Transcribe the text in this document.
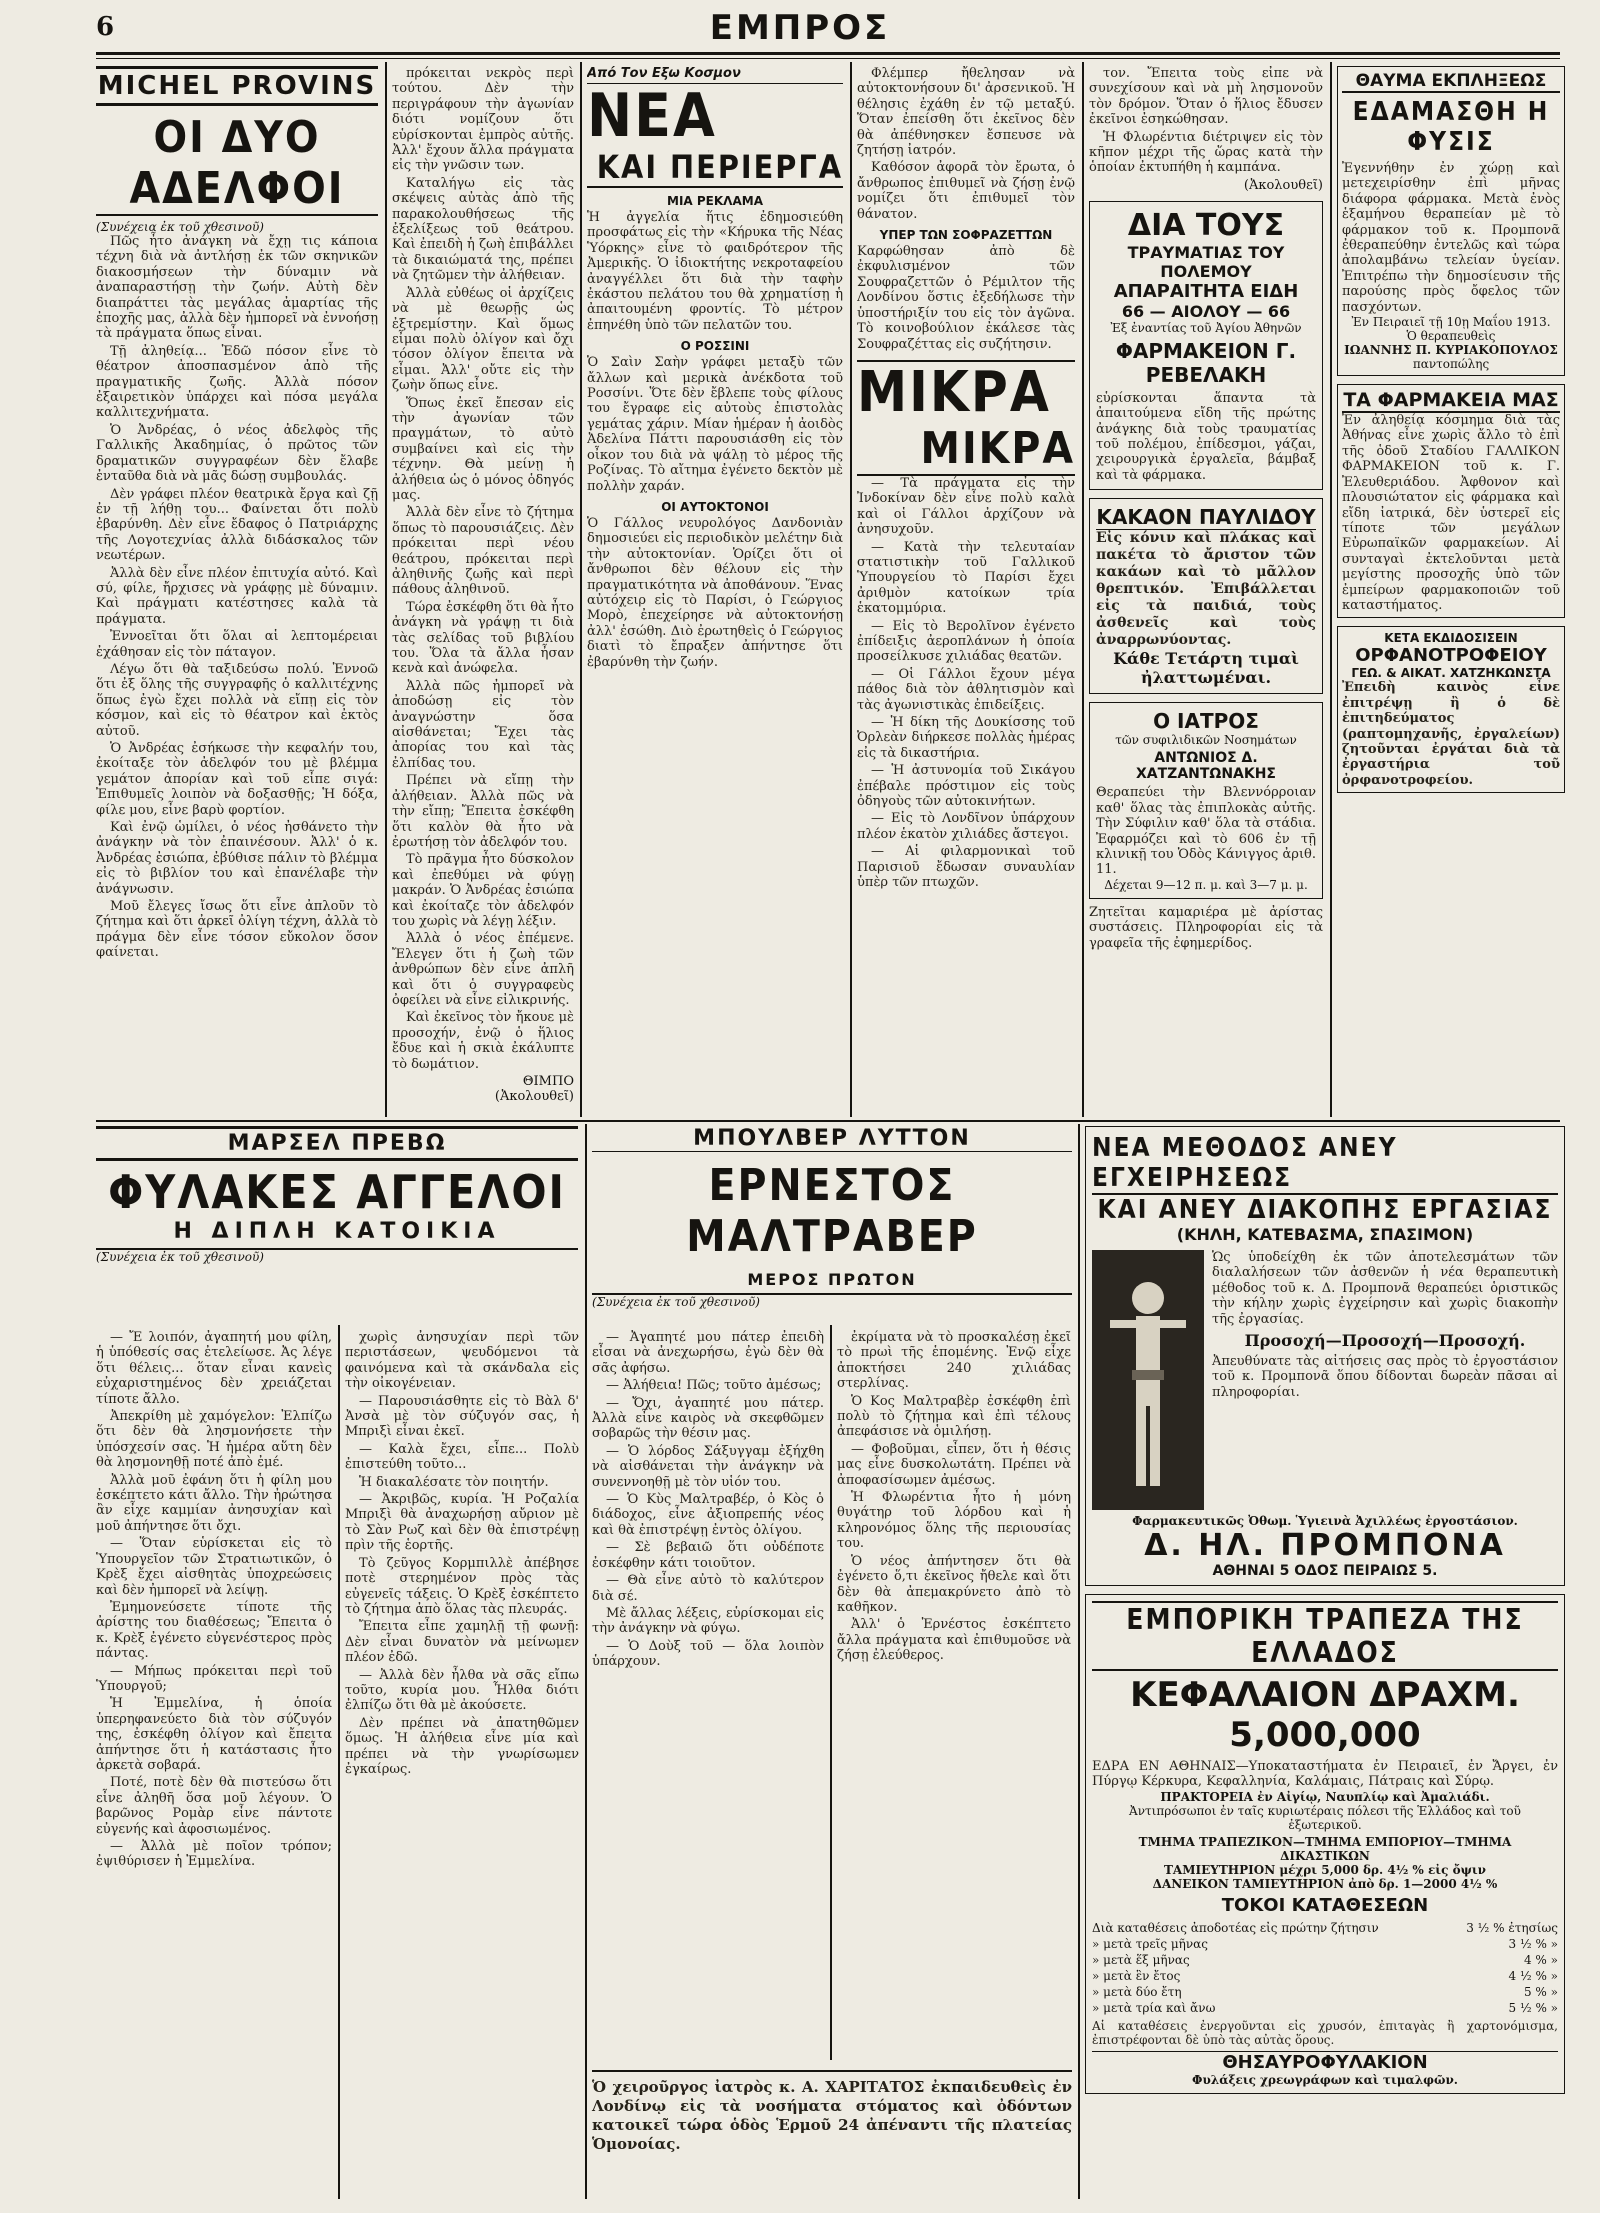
6	ΕΜΠΡΟΣ
MICHEL PROVINS
ΟΙ ΔΥΟ ΑΔΕΛΦΟΙ
(Συνέχεια ἐκ τοῦ χθεσινοῦ)

Πῶς ἦτο ἀνάγκη νὰ ἔχῃ τις κάποια τέχνη διὰ νὰ ἀντλήσῃ ἐκ τῶν σκηνικῶν διακοσμήσεων τὴν δύναμιν νὰ ἀναπαραστήσῃ τὴν ζωήν. Αὐτὴ δὲν διαπράττει τὰς μεγάλας ἀμαρτίας τῆς ἐποχῆς μας, ἀλλὰ δὲν ἠμπορεῖ νὰ ἐννοήσῃ τὰ πράγματα ὅπως εἶναι.

Τῇ ἀληθείᾳ... Ἐδῶ πόσον εἶνε τὸ θέατρον ἀποσπασμένον ἀπὸ τῆς πραγματικῆς ζωῆς. Ἀλλὰ πόσον ἐξαιρετικὸν ὑπάρχει καὶ πόσα μεγάλα καλλιτεχνήματα.

Ὁ Ἀνδρέας, ὁ νέος ἀδελφὸς τῆς Γαλλικῆς Ἀκαδημίας, ὁ πρῶτος τῶν δραματικῶν συγγραφέων δὲν ἔλαβε ἐνταῦθα διὰ νὰ μᾶς δώσῃ συμβουλάς.

Δὲν γράφει πλέον θεατρικὰ ἔργα καὶ ζῇ ἐν τῇ λήθῃ του... Φαίνεται ὅτι πολὺ ἐβαρύνθη. Δὲν εἶνε ἔδαφος ὁ Πατριάρχης τῆς Λογοτεχνίας ἀλλὰ διδάσκαλος τῶν νεωτέρων.

Ἀλλὰ δὲν εἶνε πλέον ἐπιτυχία αὐτό. Καὶ σύ, φίλε, ἤρχισες νὰ γράφῃς μὲ δύναμιν. Καὶ πράγματι κατέστησες καλὰ τὰ πράγματα.

Ἐννοεῖται ὅτι ὅλαι αἱ λεπτομέρειαι ἐχάθησαν εἰς τὸν πάταγον.

Λέγω ὅτι θὰ ταξιδεύσω πολύ. Ἐννοῶ ὅτι ἐξ ὅλης τῆς συγγραφῆς ὁ καλλιτέχνης ὅπως ἐγὼ ἔχει πολλὰ νὰ εἴπῃ εἰς τὸν κόσμον, καὶ εἰς τὸ θέατρον καὶ ἐκτὸς αὐτοῦ.

Ὁ Ἀνδρέας ἐσήκωσε τὴν κεφαλήν του, ἐκοίταξε τὸν ἀδελφόν του μὲ βλέμμα γεμάτον ἀπορίαν καὶ τοῦ εἶπε σιγά: Ἐπιθυμεῖς λοιπὸν νὰ δοξασθῇς; Ἡ δόξα, φίλε μου, εἶνε βαρὺ φορτίον.

Καὶ ἐνῷ ὡμίλει, ὁ νέος ἠσθάνετο τὴν ἀνάγκην νὰ τὸν ἐπαινέσουν. Ἀλλ' ὁ κ. Ἀνδρέας ἐσιώπα, ἐβύθισε πάλιν τὸ βλέμμα εἰς τὸ βιβλίον του καὶ ἐπανέλαβε τὴν ἀνάγνωσιν.

Μοῦ ἔλεγες ἴσως ὅτι εἶνε ἀπλοῦν τὸ ζήτημα καὶ ὅτι ἀρκεῖ ὀλίγη τέχνη, ἀλλὰ τὸ πράγμα δὲν εἶνε τόσον εὔκολον ὅσον φαίνεται.

πρόκειται νεκρὸς περὶ τούτου. Δὲν τὴν περιγράφουν τὴν ἀγωνίαν διότι νομίζουν ὅτι εὑρίσκονται ἐμπρὸς αὐτῆς. Ἀλλ' ἔχουν ἄλλα πράγματα εἰς τὴν γνῶσιν των.

Καταλήγω εἰς τὰς σκέψεις αὐτὰς ἀπὸ τῆς παρακολουθήσεως τῆς ἐξελίξεως τοῦ θεάτρου. Καὶ ἐπειδὴ ἡ ζωὴ ἐπιβάλλει τὰ δικαιώματά της, πρέπει νὰ ζητῶμεν τὴν ἀλήθειαν.

Ἀλλὰ εὐθέως οἱ ἀρχίζεις νὰ μὲ θεωρῇς ὡς ἐξτρεμίστην. Καὶ ὅμως εἶμαι πολὺ ὀλίγον καὶ ὄχι τόσον ὀλίγον ἔπειτα νὰ εἶμαι. Ἀλλ' οὔτε εἰς τὴν ζωὴν ὅπως εἶνε.

Ὅπως ἐκεῖ ἔπεσαν εἰς τὴν ἀγωνίαν τῶν πραγμάτων, τὸ αὐτὸ συμβαίνει καὶ εἰς τὴν τέχνην. Θὰ μείνῃ ἡ ἀλήθεια ὡς ὁ μόνος ὁδηγός μας.

Ἀλλὰ δὲν εἶνε τὸ ζήτημα ὅπως τὸ παρουσιάζεις. Δὲν πρόκειται περὶ νέου θεάτρου, πρόκειται περὶ ἀληθινῆς ζωῆς καὶ περὶ πάθους ἀληθινοῦ.

Τώρα ἐσκέφθη ὅτι θὰ ἦτο ἀνάγκη νὰ γράψῃ τι διὰ τὰς σελίδας τοῦ βιβλίου του. Ὅλα τὰ ἄλλα ἦσαν κενὰ καὶ ἀνώφελα.

Ἀλλὰ πῶς ἠμπορεῖ νὰ ἀποδώσῃ εἰς τὸν ἀναγνώστην ὅσα αἰσθάνεται; Ἔχει τὰς ἀπορίας του καὶ τὰς ἐλπίδας του.

Πρέπει νὰ εἴπῃ τὴν ἀλήθειαν. Ἀλλὰ πῶς νὰ τὴν εἴπῃ; Ἔπειτα ἐσκέφθη ὅτι καλὸν θὰ ἦτο νὰ ἐρωτήσῃ τὸν ἀδελφόν του.

Τὸ πρᾶγμα ἦτο δύσκολον καὶ ἐπεθύμει νὰ φύγῃ μακράν. Ὁ Ἀνδρέας ἐσιώπα καὶ ἐκοίταζε τὸν ἀδελφόν του χωρὶς νὰ λέγῃ λέξιν.

Ἀλλὰ ὁ νέος ἐπέμενε. Ἔλεγεν ὅτι ἡ ζωὴ τῶν ἀνθρώπων δὲν εἶνε ἀπλῆ καὶ ὅτι ὁ συγγραφεὺς ὀφείλει νὰ εἶνε εἰλικρινής.

Καὶ ἐκεῖνος τὸν ἤκουε μὲ προσοχήν, ἐνῷ ὁ ἥλιος ἔδυε καὶ ἡ σκιὰ ἐκάλυπτε τὸ δωμάτιον.

ΘΙΜΠΟ
(Ἀκολουθεῖ)
Από Τον Εξω Κοσμον
ΝΕΑ
ΚΑΙ ΠΕΡΙΕΡΓΑ
ΜΙΑ ΡΕΚΛΑΜΑ
Ἡ ἀγγελία ἥτις ἐδημοσιεύθη προσφάτως εἰς τὴν «Κήρυκα τῆς Νέας Ὑόρκης» εἶνε τὸ φαιδρότερον τῆς Ἀμερικῆς. Ὁ ἰδιοκτήτης νεκροταφείου ἀναγγέλλει ὅτι διὰ τὴν ταφὴν ἐκάστου πελάτου του θὰ χρηματίσῃ ἡ ἀπαιτουμένη φροντίς. Τὸ μέτρον ἐπηνέθη ὑπὸ τῶν πελατῶν του.
Ο ΡΟΣΣΙΝΙ
Ὁ Σαὶν Σαὴν γράφει μεταξὺ τῶν ἄλλων καὶ μερικὰ ἀνέκδοτα τοῦ Ροσσίνι. Ὅτε δὲν ἔβλεπε τοὺς φίλους του ἔγραφε εἰς αὐτοὺς ἐπιστολὰς γεμάτας χάριν. Μίαν ἡμέραν ἡ ἀοιδὸς Ἀδελίνα Πάττι παρουσιάσθη εἰς τὸν οἶκον του διὰ νὰ ψάλῃ τὸ μέρος τῆς Ροζίνας. Τὸ αἴτημα ἐγένετο δεκτὸν μὲ πολλὴν χαράν.
ΟΙ ΑΥΤΟΚΤΟΝΟΙ
Ὁ Γάλλος νευρολόγος Δανδονιὰν δημοσιεύει εἰς περιοδικὸν μελέτην διὰ τὴν αὐτοκτονίαν. Ὁρίζει ὅτι οἱ ἄνθρωποι δὲν θέλουν εἰς τὴν πραγματικότητα νὰ ἀποθάνουν. Ἕνας αὐτόχειρ εἰς τὸ Παρίσι, ὁ Γεώργιος Μορὸ, ἐπεχείρησε νὰ αὐτοκτονήσῃ ἀλλ' ἐσώθη. Διὸ ἐρωτηθεὶς ὁ Γεώργιος διατὶ τὸ ἔπραξεν ἀπήντησε ὅτι ἐβαρύνθη τὴν ζωήν.

Φλέμπερ ἤθελησαν νὰ αὐτοκτονήσουν δι' ἀρσενικοῦ. Ἡ θέλησις ἐχάθη ἐν τῷ μεταξύ. Ὅταν ἐπείσθη ὅτι ἐκεῖνος δὲν θὰ ἀπέθνησκεν ἔσπευσε νὰ ζητήσῃ ἰατρόν.

Καθόσον ἀφορᾶ τὸν ἔρωτα, ὁ ἄνθρωπος ἐπιθυμεῖ νὰ ζήσῃ ἐνῷ νομίζει ὅτι ἐπιθυμεῖ τὸν θάνατον.

ΥΠΕΡ ΤΩΝ ΣΟΦΡΑΖΕΤΤΩΝ
Καρφώθησαν ἀπὸ δὲ ἐκφυλισμένον τῶν Σουφραζεττῶν ὁ Ρέμιλτον τῆς Λονδίνου ὅστις ἐξεδήλωσε τὴν ὑποστήριξίν του εἰς τὸν ἀγῶνα. Τὸ κοινοβούλιον ἐκάλεσε τὰς Σουφραζέττας εἰς συζήτησιν.
ΜΙΚΡΑ
ΜΙΚΡΑ

— Τὰ πράγματα εἰς τὴν Ἰνδοκίναν δὲν εἶνε πολὺ καλὰ καὶ οἱ Γάλλοι ἀρχίζουν νὰ ἀνησυχοῦν.

— Κατὰ τὴν τελευταίαν στατιστικὴν τοῦ Γαλλικοῦ Ὑπουργείου τὸ Παρίσι ἔχει ἀριθμὸν κατοίκων τρία ἑκατομμύρια.

— Εἰς τὸ Βερολῖνον ἐγένετο ἐπίδειξις ἀεροπλάνων ἡ ὁποία προσείλκυσε χιλιάδας θεατῶν.

— Οἱ Γάλλοι ἔχουν μέγα πάθος διὰ τὸν ἀθλητισμὸν καὶ τὰς ἀγωνιστικὰς ἐπιδείξεις.

— Ἡ δίκη τῆς Δουκίσσης τοῦ Ὀρλεὰν διήρκεσε πολλὰς ἡμέρας εἰς τὰ δικαστήρια.

— Ἡ ἀστυνομία τοῦ Σικάγου ἐπέβαλε πρόστιμον εἰς τοὺς ὀδηγοὺς τῶν αὐτοκινήτων.

— Εἰς τὸ Λονδῖνον ὑπάρχουν πλέον ἑκατὸν χιλιάδες ἄστεγοι.

— Αἱ φιλαρμονικαὶ τοῦ Παρισιοῦ ἔδωσαν συναυλίαν ὑπὲρ τῶν πτωχῶν.

τον. Ἔπειτα τοὺς εἶπε νὰ συνεχίσουν καὶ νὰ μὴ λησμονοῦν τὸν δρόμον. Ὅταν ὁ ἥλιος ἔδυσεν ἐκεῖνοι ἐσηκώθησαν.

Ἡ Φλωρέντια διέτριψεν εἰς τὸν κῆπον μέχρι τῆς ὥρας κατὰ τὴν ὁποίαν ἐκτυπήθη ἡ καμπάνα.

(Ἀκολουθεῖ)
ΔΙΑ ΤΟΥΣ
ΤΡΑΥΜΑΤΙΑΣ ΤΟΥ ΠΟΛΕΜΟΥ
ΑΠΑΡΑΙΤΗΤΑ ΕΙΔΗ
66 — ΑΙΟΛΟΥ — 66
Ἐξ ἐναντίας τοῦ Ἀγίου Ἀθηνῶν
ΦΑΡΜΑΚΕΙΟΝ Γ. ΡΕΒΕΛΑΚΗ
εὑρίσκονται ἅπαντα τὰ ἀπαιτούμενα εἴδη τῆς πρώτης ἀνάγκης διὰ τοὺς τραυματίας τοῦ πολέμου, ἐπίδεσμοι, γάζαι, χειρουργικὰ ἐργαλεῖα, βάμβαξ καὶ τὰ φάρμακα.
ΚΑΚΑΟΝ ΠΑΥΛΙΔΟΥ
Εἰς κόνιν καὶ πλάκας καὶ πακέτα τὸ ἄριστον τῶν κακάων καὶ τὸ μᾶλλον θρεπτικόν. Ἐπιβάλλεται εἰς τὰ παιδιά, τοὺς ἀσθενεῖς καὶ τοὺς ἀναρρωνύοντας.
Κάθε Τετάρτη τιμαὶ ἠλαττωμέναι.
Ο ΙΑΤΡΟΣ
τῶν συφιλιδικῶν Νοσημάτων
ΑΝΤΩΝΙΟΣ Δ. ΧΑΤΖΑΝΤΩΝΑΚΗΣ
Θεραπεύει τὴν Βλεννόρροιαν καθ' ὅλας τὰς ἐπιπλοκὰς αὐτῆς. Τὴν Σύφιλιν καθ' ὅλα τὰ στάδια. Ἐφαρμόζει καὶ τὸ 606 ἐν τῇ κλινικῇ του Ὁδὸς Κάνιγγος ἀριθ. 11.
Δέχεται 9—12 π. μ. καὶ 3—7 μ. μ.
Ζητεῖται καμαριέρα μὲ ἀρίστας συστάσεις. Πληροφορίαι εἰς τὰ γραφεῖα τῆς ἐφημερίδος.
ΘΑΥΜΑ ΕΚΠΛΗΞΕΩΣ
ΕΔΑΜΑΣΘΗ Η ΦΥΣΙΣ
Ἐγεννήθην ἐν χώρῃ καὶ μετεχειρίσθην ἐπὶ μῆνας διάφορα φάρμακα. Μετὰ ἐνὸς ἑξαμήνου θεραπείαν μὲ τὸ φάρμακον τοῦ κ. Προμπονᾶ ἐθεραπεύθην ἐντελῶς καὶ τώρα ἀπολαμβάνω τελείαν ὑγείαν. Ἐπιτρέπω τὴν δημοσίευσιν τῆς παρούσης πρὸς ὄφελος τῶν πασχόντων.
Ἐν Πειραιεῖ τῇ 10ῃ Μαΐου 1913.
Ὁ θεραπευθεὶς
ΙΩΑΝΝΗΣ Π. ΚΥΡΙΑΚΟΠΟΥΛΟΣ
παντοπώλης
ΤΑ ΦΑΡΜΑΚΕΙΑ ΜΑΣ
Ἐν ἀληθείᾳ κόσμημα διὰ τὰς Ἀθήνας εἶνε χωρὶς ἄλλο τὸ ἐπὶ τῆς ὁδοῦ Σταδίου ΓΑΛΛΙΚΟΝ ΦΑΡΜΑΚΕΙΟΝ τοῦ κ. Γ. Ἐλευθεριάδου. Ἀφθονον καὶ πλουσιώτατον εἰς φάρμακα καὶ εἴδη ἰατρικά, δὲν ὑστερεῖ εἰς τίποτε τῶν μεγάλων Εὐρωπαϊκῶν φαρμακείων. Αἱ συνταγαὶ ἐκτελοῦνται μετὰ μεγίστης προσοχῆς ὑπὸ τῶν ἐμπείρων φαρμακοποιῶν τοῦ καταστήματος.
ΚΕΤΑ ΕΚΔΙΔΟΣΙΣΕΙΝ
ΟΡΦΑΝΟΤΡΟΦΕΙΟΥ
ΓΕΩ. & ΑΙΚΑΤ. ΧΑΤΖΗΚΩΝΣΤΑ
Ἐπειδὴ καινὸς εἶνε ἐπιτρέψῃ ἢ ὁ δὲ ἐπιτηδεύματος (ραπτομηχανῆς, ἐργαλείων) ζητοῦνται ἐργάται διὰ τὰ ἐργαστήρια τοῦ ὀρφανοτροφείου.
ΜΑΡΣΕΛ ΠΡΕΒΩ
ΦΥΛΑΚΕΣ ΑΓΓΕΛΟΙ
Η ΔΙΠΛΗ ΚΑΤΟΙΚΙΑ
(Συνέχεια ἐκ τοῦ χθεσινοῦ)

— Ἔ λοιπόν, ἀγαπητή μου φίλη, ἡ ὑπόθεσίς σας ἐτελείωσε. Ἀς λέγε ὅτι θέλεις... ὅταν εἶναι κανεὶς εὐχαριστημένος δὲν χρειάζεται τίποτε ἄλλο.

Ἀπεκρίθη μὲ χαμόγελον: Ἐλπίζω ὅτι δὲν θὰ λησμονήσετε τὴν ὑπόσχεσίν σας. Ἡ ἡμέρα αὕτη δὲν θὰ λησμονηθῇ ποτέ ἀπὸ ἐμέ.

Ἀλλὰ μοῦ ἐφάνη ὅτι ἡ φίλη μου ἐσκέπτετο κάτι ἄλλο. Τὴν ἠρώτησα ἂν εἶχε καμμίαν ἀνησυχίαν καὶ μοῦ ἀπήντησε ὅτι ὄχι.

— Ὅταν εὑρίσκεται εἰς τὸ Ὑπουργεῖον τῶν Στρατιωτικῶν, ὁ Κρὲξ ἔχει αἰσθητὰς ὑποχρεώσεις καὶ δὲν ἠμπορεῖ νὰ λείψῃ.

Ἐμημονεύσετε τίποτε τῆς ἀρίστης του διαθέσεως; Ἔπειτα ὁ κ. Κρὲξ ἐγένετο εὐγενέστερος πρὸς πάντας.

— Μήπως πρόκειται περὶ τοῦ Ὑπουργοῦ;

Ἡ Ἐμμελίνα, ἡ ὁποία ὑπερηφανεύετο διὰ τὸν σύζυγόν της, ἐσκέφθη ὀλίγον καὶ ἔπειτα ἀπήντησε ὅτι ἡ κατάστασις ἦτο ἀρκετὰ σοβαρά.

Ποτέ, ποτὲ δὲν θὰ πιστεύσω ὅτι εἶνε ἀληθῆ ὅσα μοῦ λέγουν. Ὁ βαρῶνος Ρομὰρ εἶνε πάντοτε εὐγενής καὶ ἀφοσιωμένος.

— Ἀλλὰ μὲ ποῖον τρόπον; ἐψιθύρισεν ἡ Ἐμμελίνα.

χωρὶς ἀνησυχίαν περὶ τῶν περιστάσεων, ψευδόμενοι τὰ φαινόμενα καὶ τὰ σκάνδαλα εἰς τὴν οἰκογένειαν.

— Παρουσιάσθητε εἰς τὸ Βὰλ δ' Ἀνσὰ μὲ τὸν σύζυγόν σας, ἡ Μπριξὶ εἶναι ἐκεῖ.

— Καλὰ ἔχει, εἶπε... Πολὺ ἐπιστεύθη τοῦτο...

Ἡ διακαλέσατε τὸν ποιητήν.

— Ἀκριβῶς, κυρία. Ἡ Ροζαλία Μπριξὶ θὰ ἀναχωρήσῃ αὔριον μὲ τὸ Σὰν Ρωζ καὶ δὲν θὰ ἐπιστρέψῃ πρὶν τῆς ἑορτῆς.

Τὸ ζεῦγος Κορμπιλλὲ ἀπέβησε ποτὲ στερημένον πρὸς τὰς εὐγενεῖς τάξεις. Ὁ Κρὲξ ἐσκέπτετο τὸ ζήτημα ἀπὸ ὅλας τὰς πλευράς.

Ἔπειτα εἶπε χαμηλῇ τῇ φωνῇ: Δὲν εἶναι δυνατὸν νὰ μείνωμεν πλέον ἐδῶ.

— Ἀλλὰ δὲν ἦλθα νὰ σᾶς εἴπω τοῦτο, κυρία μου. Ἦλθα διότι ἐλπίζω ὅτι θὰ μὲ ἀκούσετε.

Δὲν πρέπει νὰ ἀπατηθῶμεν ὅμως. Ἡ ἀλήθεια εἶνε μία καὶ πρέπει νὰ τὴν γνωρίσωμεν ἐγκαίρως.

ΜΠΟΥΛΒΕΡ ΛΥΤΤΟΝ
ΕΡΝΕΣΤΟΣ ΜΑΛΤΡΑΒΕΡ
ΜΕΡΟΣ ΠΡΩΤΟΝ
(Συνέχεια ἐκ τοῦ χθεσινοῦ)

— Ἀγαπητέ μου πάτερ ἐπειδὴ εἶσαι νὰ ἀνεχωρήσω, ἐγὼ δὲν θὰ σᾶς ἀφήσω.

— Ἀλήθεια! Πῶς; τοῦτο ἀμέσως;

— Ὄχι, ἀγαπητέ μου πάτερ. Ἀλλὰ εἶνε καιρὸς νὰ σκεφθῶμεν σοβαρῶς τὴν θέσιν μας.

— Ὁ λόρδος Σάξυγγαμ ἐξήχθη νὰ αἰσθάνεται τὴν ἀνάγκην νὰ συνεννοηθῇ μὲ τὸν υἱόν του.

— Ὁ Κὺς Μαλτραβέρ, ὁ Κὸς ὁ διάδοχος, εἶνε ἀξιοπρεπής νέος καὶ θὰ ἐπιστρέψῃ ἐντὸς ὀλίγου.

— Σὲ βεβαιῶ ὅτι οὐδέποτε ἐσκέφθην κάτι τοιοῦτον.

— Θὰ εἶνε αὐτὸ τὸ καλύτερον διὰ σέ.

Μὲ ἄλλας λέξεις, εὑρίσκομαι εἰς τὴν ἀνάγκην νὰ φύγω.

— Ὁ Δοὺξ τοῦ — ὅλα λοιπὸν ὑπάρχουν.

ἐκρίματα νὰ τὸ προσκαλέσῃ ἐκεῖ τὸ πρωὶ τῆς ἑπομένης. Ἐνῷ εἶχε ἀποκτήσει 240 χιλιάδας στερλίνας.

Ὁ Κος Μαλτραβὲρ ἐσκέφθη ἐπὶ πολὺ τὸ ζήτημα καὶ ἐπὶ τέλους ἀπεφάσισε νὰ ὁμιλήσῃ.

— Φοβοῦμαι, εἶπεν, ὅτι ἡ θέσις μας εἶνε δυσκολωτάτη. Πρέπει νὰ ἀποφασίσωμεν ἀμέσως.

Ἡ Φλωρέντια ἦτο ἡ μόνη θυγάτηρ τοῦ λόρδου καὶ ἡ κληρονόμος ὅλης τῆς περιουσίας του.

Ὁ νέος ἀπήντησεν ὅτι θὰ ἐγένετο ὅ,τι ἐκεῖνος ἤθελε καὶ ὅτι δὲν θὰ ἀπεμακρύνετο ἀπὸ τὸ καθῆκον.

Ἀλλ' ὁ Ἐρνέστος ἐσκέπτετο ἄλλα πράγματα καὶ ἐπιθυμοῦσε νὰ ζήσῃ ἐλεύθερος.

Ὁ χειροῦργος ἰατρὸς κ. Α. ΧΑΡΙΤΑΤΟΣ ἐκπαιδευθεὶς ἐν Λονδίνῳ εἰς τὰ νοσήματα στόματος καὶ ὀδόντων κατοικεῖ τώρα ὁδὸς Ἑρμοῦ 24 ἀπέναντι τῆς πλατείας Ὁμονοίας.
ΝΕΑ ΜΕΘΟΔΟΣ ΑΝΕΥ ΕΓΧΕΙΡΗΣΕΩΣ
ΚΑΙ ΑΝΕΥ ΔΙΑΚΟΠΗΣ ΕΡΓΑΣΙΑΣ
(ΚΗΛΗ, ΚΑΤΕΒΑΣΜΑ, ΣΠΑΣΙΜΟΝ)
Ὡς ὑποδείχθη ἐκ τῶν ἀποτελεσμάτων τῶν διαλαλήσεων τῶν ἀσθενῶν ἡ νέα θεραπευτικὴ μέθοδος τοῦ κ. Δ. Προμπονᾶ θεραπεύει ὁριστικῶς τὴν κήλην χωρὶς ἐγχείρησιν καὶ χωρὶς διακοπὴν τῆς ἐργασίας.
Προσοχή—Προσοχή—Προσοχή.
Ἀπευθύνατε τὰς αἰτήσεις σας πρὸς τὸ ἐργοστάσιον τοῦ κ. Προμπονᾶ ὅπου δίδονται δωρεὰν πᾶσαι αἱ πληροφορίαι.
Φαρμακευτικῶς Ὀθωμ. Ὑγιεινὰ Ἀχιλλέως ἐργοστάσιον.
Δ. ΗΛ. ΠΡΟΜΠΟΝΑ
ΑΘΗΝΑΙ 5 ΟΔΟΣ ΠΕΙΡΑΙΩΣ 5.
ΕΜΠΟΡΙΚΗ ΤΡΑΠΕΖΑ ΤΗΣ ΕΛΛΑΔΟΣ
ΚΕΦΑΛΑΙΟΝ ΔΡΑΧΜ. 5,000,000
ΕΔΡΑ ΕΝ ΑΘΗΝΑΙΣ—Υποκαταστήματα ἐν Πειραιεῖ, ἐν Ἄργει, ἐν Πύργῳ Κέρκυρα, Κεφαλληνία, Καλάμαις, Πάτραις καὶ Σύρῳ.
ΠΡΑΚΤΟΡΕΙΑ ἐν Αἰγίῳ, Ναυπλίῳ καὶ Ἀμαλιάδι.
Ἀντιπρόσωποι ἐν ταῖς κυριωτέραις πόλεσι τῆς Ἑλλάδος καὶ τοῦ ἐξωτερικοῦ.
ΤΜΗΜΑ ΤΡΑΠΕΖΙΚΟΝ—ΤΜΗΜΑ ΕΜΠΟΡΙΟΥ—ΤΜΗΜΑ ΔΙΚΑΣΤΙΚΩΝ
ΤΑΜΙΕΥΤΗΡΙΟΝ μέχρι 5,000 δρ. 4½ % εἰς ὄψιν
ΔΑΝΕΙΚΟΝ ΤΑΜΙΕΥΤΗΡΙΟΝ ἀπὸ δρ. 1—2000 4½ %
ΤΟΚΟΙ ΚΑΤΑΘΕΣΕΩΝ
Διὰ καταθέσεις ἀποδοτέας εἰς πρώτην ζήτησιν	3 ½ % ἐτησίως
» μετὰ τρεῖς μῆνας	3 ½ % »
» μετὰ ἕξ μῆνας	4 % »
» μετὰ ἓν ἔτος	4 ½ % »
» μετὰ δύο ἔτη	5 % »
» μετὰ τρία καὶ ἄνω	5 ½ % »
Αἱ καταθέσεις ἐνεργοῦνται εἰς χρυσόν, ἐπιταγὰς ἢ χαρτονόμισμα, ἐπιστρέφονται δὲ ὑπὸ τὰς αὐτὰς ὅρους.
ΘΗΣΑΥΡΟΦΥΛΑΚΙΟΝ
Φυλάξεις χρεωγράφων καὶ τιμαλφῶν.
